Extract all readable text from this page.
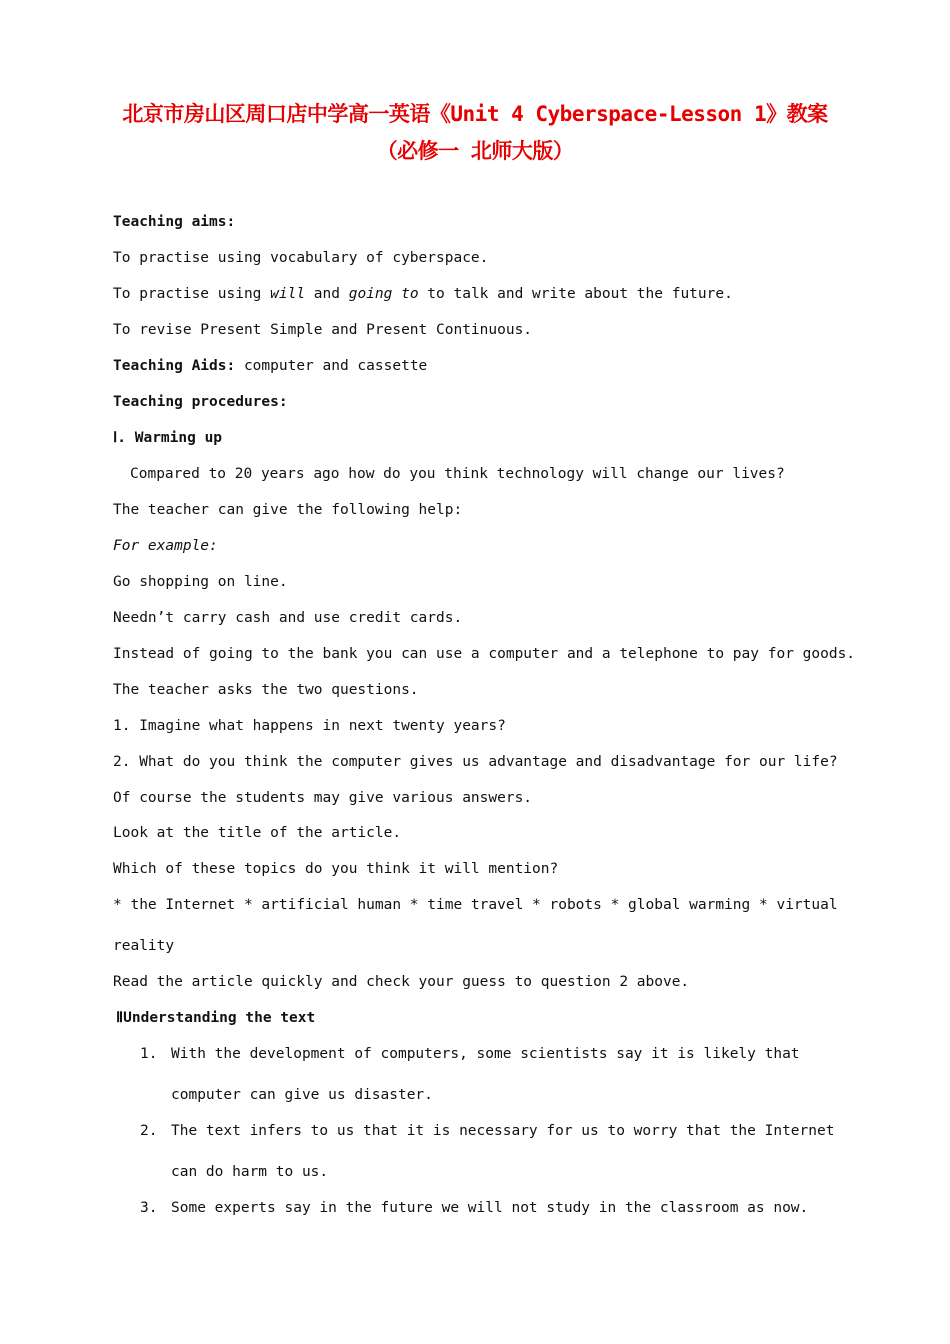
北京市房山区周口店中学高一英语《Unit 4 Cyberspace-Lesson 1》教案
（必修一 北师大版）
Teaching aims:
To practise using vocabulary of cyberspace.
To practise using will and going to to talk and write about the future.
To revise Present Simple and Present Continuous.
Teaching Aids: computer and cassette
Teaching procedures:
Ⅰ. Warming up
Compared to 20 years ago how do you think technology will change our lives?
The teacher can give the following help:
For example:
Go shopping on line.
Needn’t carry cash and use credit cards.
Instead of going to the bank you can use a computer and a telephone to pay for goods.
The teacher asks the two questions.
1. Imagine what happens in next twenty years?
2. What do you think the computer gives us advantage and disadvantage for our life?
Of course the students may give various answers.
Look at the title of the article.
Which of these topics do you think it will mention?
* the Internet * artificial human * time travel * robots * global warming * virtual
reality
Read the article quickly and check your guess to question 2 above.
ⅡUnderstanding the text
1. With the development of computers, some scientists say it is likely that
computer can give us disaster.
2. The text infers to us that it is necessary for us to worry that the Internet
can do harm to us.
3. Some experts say in the future we will not study in the classroom as now.
